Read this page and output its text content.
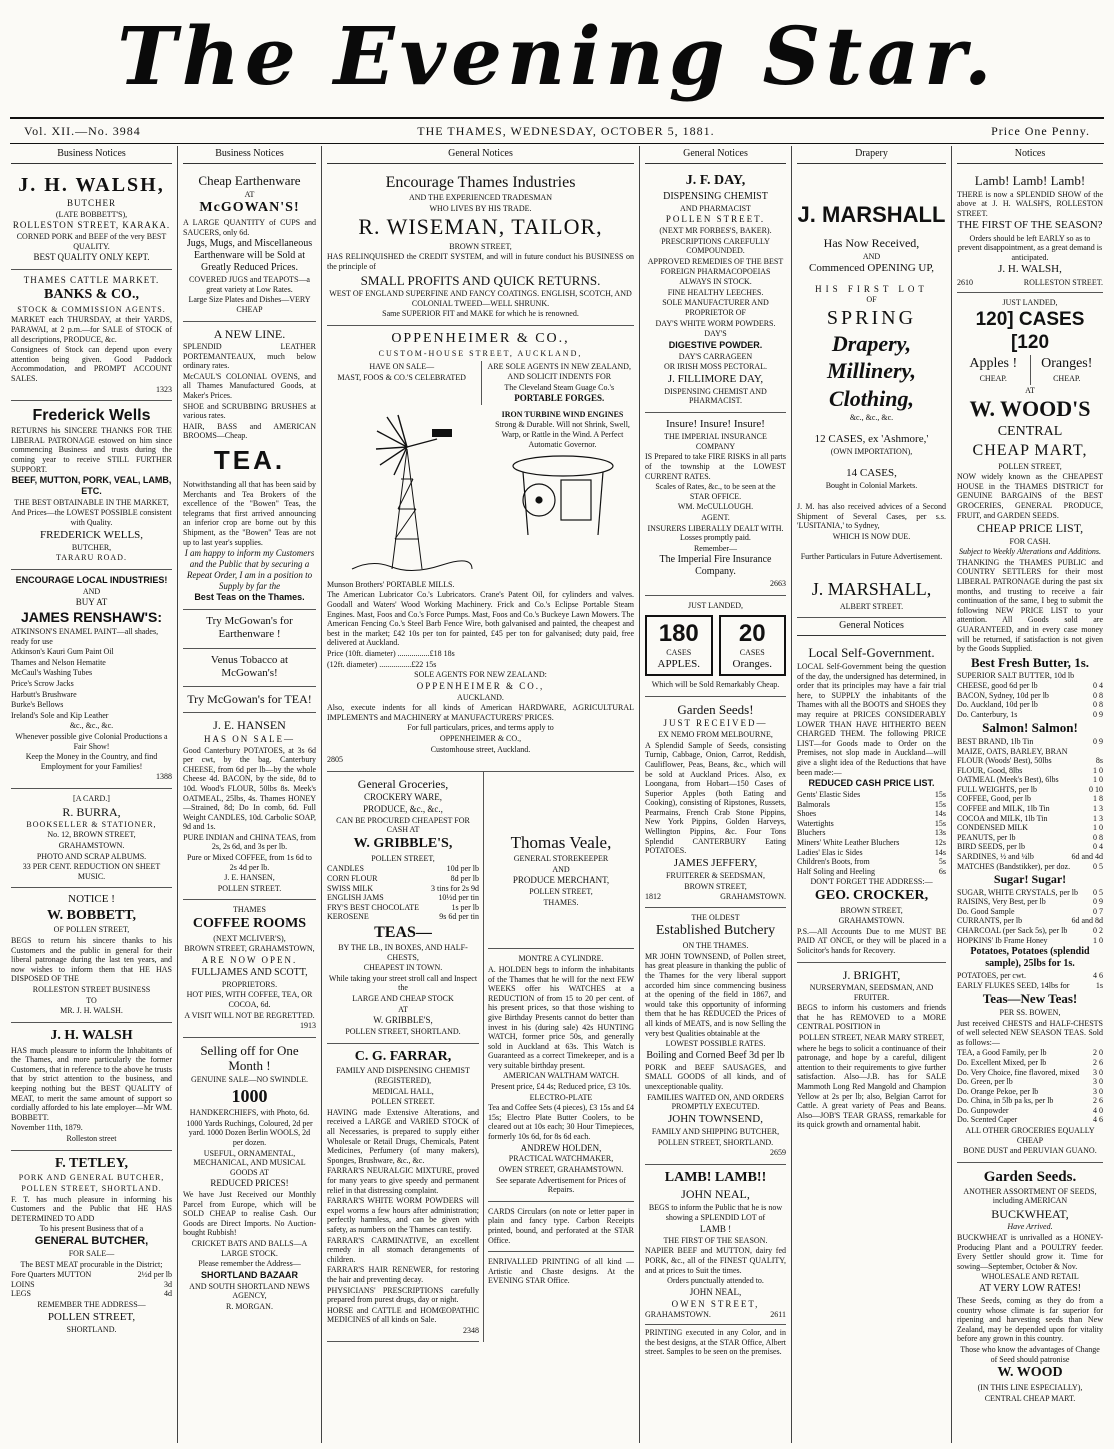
The Evening Star.
Vol. XII.—No. 3984	THE THAMES, WEDNESDAY, OCTOBER 5, 1881.	Price One Penny.
Business Notices

J. H. WALSH,

BUTCHER

(LATE BOBBETT'S),

ROLLESTON STREET, KARAKA.

CORNED PORK and BEEF of the very BEST QUALITY.

BEST QUALITY ONLY KEPT.

THAMES CATTLE MARKET.

BANKS & CO.,

STOCK & COMMISSION AGENTS.

MARKET each THURSDAY, at their YARDS, PARAWAI, at 2 p.m.—for SALE of STOCK of all descriptions, PRODUCE, &c.

Consignees of Stock can depend upon every attention being given. Good Paddock Accommodation, and PROMPT ACCOUNT SALES.

1323

Frederick Wells

RETURNS his SINCERE THANKS FOR THE LIBERAL PATRONAGE estowed on him since commencing Business and trusts during the coming year to receive STILL FURTHER SUPPORT.

BEEF, MUTTON, PORK, VEAL, LAMB, ETC.

THE BEST OBTAINABLE IN THE MARKET,

And Prices—the LOWEST POSSIBLE consistent with Quality.

FREDERICK WELLS,

BUTCHER,

TARARU ROAD.

ENCOURAGE LOCAL INDUSTRIES!

AND

BUY AT

JAMES RENSHAW'S:

ATKINSON'S ENAMEL PAINT—all shades, ready for use

Atkinson's Kauri Gum Paint Oil

Thames and Nelson Hematite

McCaul's Washing Tubes

Price's Scrow Jacks

Harbutt's Brushware

Burke's Bellows

Ireland's Sole and Kip Leather

&c., &c., &c.

Whenever possible give Colonial Productions a Fair Show!

Keep the Money in the Country, and find Employment for your Families!

1388

[A CARD.]

R. BURRA,

BOOKSELLER & STATIONER,

No. 12, BROWN STREET,

GRAHAMSTOWN.

PHOTO AND SCRAP ALBUMS.

33 PER CENT. REDUCTION ON SHEET MUSIC.

NOTICE !

W. BOBBETT,

OF POLLEN STREET,

BEGS to return his sincere thanks to his Customers and the public in general for their liberal patronage during the last ten years, and now wishes to inform them that HE HAS DISPOSED OF THE

ROLLESTON STREET BUSINESS

TO

MR. J. H. WALSH.

J. H. WALSH

HAS much pleasure to inform the Inhabitants of the Thames, and more particularly the former Customers, that in reference to the above he trusts that by strict attention to the business, and keeping nothing but the BEST QUALITY of MEAT, to merit the same amount of support so cordially afforded to his late employer—Mr WM. BOBBETT.

November 11th, 1879.

Rolleston street

F. TETLEY,

PORK AND GENERAL BUTCHER,

POLLEN STREET, SHORTLAND.

F. T. has much pleasure in informing his Customers and the Public that HE HAS DETERMINED TO ADD

To his present Business that of a

GENERAL BUTCHER,

FOR SALE—

The BEST MEAT procurable in the District;

Fore Quarters MUTTON	2½d per lb
LOINS	3d
LEGS	4d

REMEMBER THE ADDRESS—

POLLEN STREET,

SHORTLAND.

Business Notices

Cheap Earthenware

AT

McGOWAN'S!

A LARGE QUANTITY of CUPS and SAUCERS, only 6d.

Jugs, Mugs, and Miscellaneous Earthenware will be Sold at Greatly Reduced Prices.

COVERED JUGS and TEAPOTS—a great variety at Low Rates.

Large Size Plates and Dishes—VERY CHEAP

A NEW LINE.

SPLENDID LEATHER PORTEMANTEAUX, much below ordinary rates.

McCAUL'S COLONIAL OVENS, and all Thames Manufactured Goods, at Maker's Prices.

SHOE and SCRUBBING BRUSHES at various rates.

HAIR, BASS and AMERICAN BROOMS—Cheap.

TEA.

Notwithstanding all that has been said by Merchants and Tea Brokers of the excellence of the "Bowen" Teas, the telegrams that first arrived announcing an inferior crop are borne out by this Shipment, as the "Bowen" Teas are not up to last year's supplies.

I am happy to inform my Customers and the Public that by securing a Repeat Order, I am in a position to Supply by far the

Best Teas on the Thames.

Try McGowan's for Earthenware !

Venus Tobacco at McGowan's!

Try McGowan's for TEA!

J. E. HANSEN

HAS ON SALE—

Good Canterbury POTATOES, at 3s 6d per cwt, by the bag. Canterbury CHEESE, from 6d per lb—by the whole Cheese 4d. BACON, by the side, 8d to 10d. Wood's FLOUR, 50lbs 8s. Meek's OATMEAL, 25lbs, 4s. Thames HONEY—Strained, 8d; Do In comb, 6d. Full Weight CANDLES, 10d. Carbolic SOAP, 9d and 1s.

PURE INDIAN and CHINA TEAS, from 2s, 2s 6d, and 3s per lb.

Pure or Mixed COFFEE, from 1s 6d to 2s 4d per lb.

J. E. HANSEN,

POLLEN STREET.

THAMES

COFFEE ROOMS

(NEXT MCLIVER'S),

BROWN STREET, GRAHAMSTOWN,

ARE NOW OPEN.

FULLJAMES AND SCOTT,

PROPRIETORS.

HOT PIES, WITH COFFEE, TEA, OR COCOA, 6d.

A VISIT WILL NOT BE REGRETTED.

1913

Selling off for One Month !

GENUINE SALE—NO SWINDLE.

1000

HANDKERCHIEFS, with Photo, 6d.

1000 Yards Ruchings, Coloured, 2d per yard. 1000 Dozen Berlin WOOLS, 2d per dozen.

USEFUL, ORNAMENTAL, MECHANICAL, AND MUSICAL GOODS AT

REDUCED PRICES!

We have Just Received our Monthly Parcel from Europe, which will be SOLD CHEAP to realise Cash. Our Goods are Direct Imports. No Auction-bought Rubbish!

CRICKET BATS AND BALLS—A LARGE STOCK.

Please remember the Address—

SHORTLAND BAZAAR

AND SOUTH SHORTLAND NEWS AGENCY,

R. MORGAN.

General Notices

Encourage Thames Industries

AND THE EXPERIENCED TRADESMAN

WHO LIVES BY HIS TRADE.

R. WISEMAN, TAILOR,

BROWN STREET,

HAS RELINQUISHED the CREDIT SYSTEM, and will in future conduct his BUSINESS on the principle of

SMALL PROFITS AND QUICK RETURNS.

WEST OF ENGLAND SUPERFINE AND FANCY COATINGS. ENGLISH, SCOTCH, AND COLONIAL TWEED—WELL SHRUNK.

Same SUPERIOR FIT and MAKE for which he is renowned.

OPPENHEIMER & CO.,

CUSTOM-HOUSE STREET, AUCKLAND,

HAVE ON SALE—

MAST, FOOS & CO.'S CELEBRATED

ARE SOLE AGENTS IN NEW ZEALAND, AND SOLICIT INDENTS FOR

The Cleveland Steam Guage Co.'s

PORTABLE FORGES.

IRON TURBINE WIND ENGINES

Strong & Durable. Will not Shrink, Swell, Warp, or Rattle in the Wind. A Perfect Automatic Governor.

Munson Brothers' PORTABLE MILLS.

The American Lubricator Co.'s Lubricators. Crane's Patent Oil, for cylinders and valves. Goodall and Waters' Wood Working Machinery. Frick and Co.'s Eclipse Portable Steam Engines. Mast, Foos and Co.'s Force Pumps. Mast, Foos and Co.'s Buckeye Lawn Mowers. The American Fencing Co.'s Steel Barb Fence Wire, both galvanised and painted, the cheapest and best in the market; £42 10s per ton for painted, £45 per ton for galvanised; duty paid, free delivered at Auckland.

Price (10ft. diameter) ................£18 18s

(12ft. diameter) ................£22 15s

SOLE AGENTS FOR NEW ZEALAND:

OPPENHEIMER & CO.,

AUCKLAND.

Also, execute indents for all kinds of American HARDWARE, AGRICULTURAL IMPLEMENTS and MACHINERY at MANUFACTURERS' PRICES.

For full particulars, prices, and terms apply to

OPPENHEIMER & CO.,

Customhouse street, Auckland.

2805

General Groceries,

CROCKERY WARE,

PRODUCE, &c., &c.,

CAN BE PROCURED CHEAPEST FOR CASH AT

W. GRIBBLE'S,

POLLEN STREET,

CANDLES	10d per lb
CORN FLOUR	8d per lb
SWISS MILK	3 tins for 2s 9d
ENGLISH JAMS	10½d per tin
FRY'S BEST CHOCOLATE	1s per lb
KEROSENE	9s 6d per tin

TEAS—

BY THE LB., IN BOXES, AND HALF-CHESTS,

CHEAPEST IN TOWN.

While taking your street stroll call and Inspect the

LARGE AND CHEAP STOCK

AT

W. GRIBBLE'S,

POLLEN STREET, SHORTLAND.

C. G. FARRAR,

FAMILY AND DISPENSING CHEMIST (REGISTERED),

MEDICAL HALL,

POLLEN STREET.

HAVING made Extensive Alterations, and received a LARGE and VARIED STOCK of all Necessaries, is prepared to supply either Wholesale or Retail Drugs, Chemicals, Patent Medicines, Perfumery (of many makers), Sponges, Brushware, &c., &c.

FARRAR'S NEURALGIC MIXTURE, proved for many years to give speedy and permanent relief in that distressing complaint.

FARRAR'S WHITE WORM POWDERS will expel worms a few hours after administration; perfectly harmless, and can be given with safety, as numbers on the Thames can testify.

FARRAR'S CARMINATIVE, an excellent remedy in all stomach derangements of children.

FARRAR'S HAIR RENEWER, for restoring the hair and preventing decay.

PHYSICIANS' PRESCRIPTIONS carefully prepared from purest drugs, day or night.

HORSE and CATTLE and HOMŒOPATHIC MEDICINES of all kinds on Sale.

2348

Thomas Veale,

GENERAL STOREKEEPER

AND

PRODUCE MERCHANT,

POLLEN STREET,

THAMES.

MONTRE A CYLINDRE.

A. HOLDEN begs to inform the inhabitants of the Thames that he will for the next FEW WEEKS offer his WATCHES at a REDUCTION of from 15 to 20 per cent. of his present prices, so that those wishing to give Birthday Presents cannot do better than invest in his (during sale) 42s HUNTING WATCH, former price 50s, and generally sold in Auckland at 63s. This Watch is Guaranteed as a correct Timekeeper, and is a very suitable birthday present.

AMERICAN WALTHAM WATCH.

Present price, £4 4s; Reduced price, £3 10s.

ELECTRO-PLATE

Tea and Coffee Sets (4 pieces), £3 15s and £4 15s; Electro Plate Butter Coolers, to be cleared out at 10s each; 30 Hour Timepieces, formerly 10s 6d, for 8s 6d each.

ANDREW HOLDEN,

PRACTICAL WATCHMAKER,

OWEN STREET, GRAHAMSTOWN.

See separate Advertisement for Prices of Repairs.

CARDS Circulars (on note or letter paper in plain and fancy type. Carbon Receipts printed, bound, and perforated at the STAR Office.

ENRIVALLED PRINTING of all kind —Artistic and Chaste designs. At the EVENING STAR Office.

General Notices

J. F. DAY,

DISPENSING CHEMIST

AND PHARMACIST

POLLEN STREET.

(NEXT MR FORBES'S, BAKER).

PRESCRIPTIONS CAREFULLY COMPOUNDED.

APPROVED REMEDIES OF THE BEST FOREIGN PHARMACOPOEIAS

ALWAYS IN STOCK.

FINE HEALTHY LEECHES.

SOLE MANUFACTURER AND PROPRIETOR OF

DAY'S WHITE WORM POWDERS.

DAY'S

DIGESTIVE POWDER.

DAY'S CARRAGEEN

OR IRISH MOSS PECTORAL.

J. FILLIMORE DAY,

DISPENSING CHEMIST AND PHARMACIST.

Insure! Insure! Insure!

THE IMPERIAL INSURANCE COMPANY

IS Prepared to take FIRE RISKS in all parts of the township at the LOWEST CURRENT RATES.

Scales of Rates, &c., to be seen at the STAR OFFICE.

WM. McCULLOUGH.

AGENT.

INSURERS LIBERALLY DEALT WITH. Losses promptly paid.

Remember—

The Imperial Fire Insurance Company.

2663

JUST LANDED,

180
CASES
APPLES.
20
CASES
Oranges.

Which will be Sold Remarkably Cheap.

Garden Seeds!

JUST RECEIVED—

EX NEMO FROM MELBOURNE,

A Splendid Sample of Seeds, consisting Turnip, Cabbage, Onion, Carrot, Reddish, Cauliflower, Peas, Beans, &c., which will be sold at Auckland Prices. Also, ex Loongana, from Hobart—150 Cases of Superior Apples (both Eating and Cooking), consisting of Ripstones, Russets, Pearmains, French Crab Stone Pippins, New York Pippins, Golden Harveys, Wellington Pippins, &c. Four Tons Splendid CANTERBURY Eating POTATOES.

JAMES JEFFERY,

FRUITERER & SEEDSMAN,

BROWN STREET,

1812	GRAHAMSTOWN.

THE OLDEST

Established Butchery

ON THE THAMES.

MR JOHN TOWNSEND, of Pollen street, has great pleasure in thanking the public of the Thames for the very liberal support accorded him since commencing business at the opening of the field in 1867, and would take this opportunity of informing them that he has REDUCED the Prices of all kinds of MEATS, and is now Selling the very best Qualities obtainable at the

LOWEST POSSIBLE RATES.

Boiling and Corned Beef 3d per lb

PORK and BEEF SAUSAGES, and SMALL GOODS of all kinds, and of unexceptionable quality.

FAMILIES WAITED ON, AND ORDERS PROMPTLY EXECUTED.

JOHN TOWNSEND,

FAMILY AND SHIPPING BUTCHER,

POLLEN STREET, SHORTLAND.

2659

LAMB! LAMB!!

JOHN NEAL,

BEGS to inform the Public that he is now

showing a SPLENDID LOT of

LAMB !

THE FIRST OF THE SEASON.

NAPIER BEEF and MUTTON, dairy fed PORK, &c., all of the FINEST QUALITY, and at prices to Suit the times.

Orders punctually attended to.

JOHN NEAL,

OWEN STREET,

GRAHAMSTOWN.	2611

PRINTING executed in any Color, and in the best designs, at the STAR Office, Albert street. Samples to be seen on the premises.

Drapery

J. MARSHALL

Has Now Received,

AND

Commenced OPENING UP,

HIS FIRST LOT

OF

SPRING

Drapery,

Millinery,

Clothing,

&c., &c., &c.

12 CASES, ex 'Ashmore,'

(OWN IMPORTATION),

14 CASES,

Bought in Colonial Markets.

J. M. has also received advices of a Second Shipment of Several Cases, per s.s. 'LUSITANIA,' to Sydney,

WHICH IS NOW DUE.

Further Particulars in Future Advertisement.

J. MARSHALL,

ALBERT STREET.

General Notices

Local Self-Government.

LOCAL Self-Government being the question of the day, the undersigned has determined, in order that its principles may have a fair trial here, to SUPPLY the inhabitants of the Thames with all the BOOTS and SHOES they may require at PRICES CONSIDERABLY LOWER THAN HAVE HITHERTO BEEN CHARGED THEM. The following PRICE LIST—for Goods made to Order on the Premises, not slop made in Auckland—will give a slight idea of the Reductions that have been made:—

REDUCED CASH PRICE LIST.

Gents' Elastic Sides	15s
Balmorals	15s
Shoes	14s
Watertights	15s
Bluchers	13s
Miners' White Leather Bluchers	12s
Ladies' Elas ic Sides	14s
Children's Boots, from	5s
Half Soling and Heeling	6s

DON'T FORGET THE ADDRESS:—

GEO. CROCKER,

BROWN STREET,

GRAHAMSTOWN.

P.S.—All Accounts Due to me MUST BE PAID AT ONCE, or they will be placed in a Solicitor's hands for Recovery.

J. BRIGHT,

NURSERYMAN, SEEDSMAN, AND FRUITER.

BEGS to inform his customers and friends that he has REMOVED to a MORE CENTRAL POSITION in

POLLEN STREET, NEAR MARY STREET,

where he begs to solicit a continuance of their patronage, and hope by a careful, diligent attention to their requirements to give further satisfaction. Also—J.B. has for SALE Mammoth Long Red Mangold and Champion Yellow at 2s per lb; also, Belgian Carrot for Cattle. A great variety of Peas and Beans. Also—JOB'S TEAR GRASS, remarkable for its quick growth and ornamental habit.

Notices

Lamb! Lamb! Lamb!

THERE is now a SPLENDID SHOW of the above at J. H. WALSH'S, ROLLESTON STREET.

THE FIRST OF THE SEASON?

Orders should be left EARLY so as to prevent disappointment, as a great demand is anticipated.

J. H. WALSH,

2610	ROLLESTON STREET.

JUST LANDED,

120] CASES [120

Apples !

CHEAP.

Oranges!

CHEAP.

AT

W. WOOD'S

CENTRAL

CHEAP MART,

POLLEN STREET,

NOW widely known as the CHEAPEST HOUSE in the THAMES DISTRICT for GENUINE BARGAINS of the BEST GROCERIES, GENERAL PRODUCE, FRUIT, and GARDEN SEEDS.

CHEAP PRICE LIST,

FOR CASH.

Subject to Weekly Alterations and Additions.

THANKING the THAMES PUBLIC and COUNTRY SETTLERS for their most LIBERAL PATRONAGE during the past six months, and trusting to receive a fair continuation of the same, I beg to submit the following NEW PRICE LIST to your attention. All Goods sold are GUARANTEED, and in every case money will be returned, if satisfaction is not given by the Goods Supplied.

Best Fresh Butter, 1s.

SUPERIOR SALT BUTTER, 10d lb
CHEESE, good 6d per lb	0 4
BACON, Sydney, 10d per lb	0 8
Do. Auckland, 10d per lb	0 8
Do. Canterbury, 1s	0 9

Salmon! Salmon!

BEST BRAND, 1lb Tin	0 9
MAIZE, OATS, BARLEY, BRAN
FLOUR (Woods' Best), 50lbs	8s
FLOUR, Good, 8lbs	1 0
OATMEAL (Meek's Best), 6lbs	1 0
FULL WEIGHTS, per lb	0 10
COFFEE, Good, per lb	1 8
COFFEE and MILK, 1lb Tin	1 3
COCOA and MILK, 1lb Tin	1 3
CONDENSED MILK	1 0
PEANUTS, per lb	0 8
BIRD SEEDS, per lb	0 4
SARDINES, ½ and ¼lb	6d and 4d
MATCHES (Bandstikker), per doz.	0 5

Sugar! Sugar!

SUGAR, WHITE CRYSTALS, per lb 0 5
RAISINS, Very Best, per lb	0 9
Do. Good Sample	0 7
CURRANTS, per lb	6d and 8d
CHARCOAL (per Sack 5s), per lb	0 2
HOPKINS' Ib Frame Honey	1 0

Potatoes, Potatoes (splendid sample), 25lbs for 1s.

POTATOES, per cwt.	4 6
EARLY FLUKES SEED, 14lbs for	1s

Teas—New Teas!

PER SS. BOWEN,

Just received CHESTS and HALF-CHESTS of well selected NEW SEASON TEAS. Sold as follows:—

TEA, a Good Family, per lb	2 0
Do. Excellent Mixed, per lb	2 6
Do. Very Choice, fine flavored, mixed 3 0
Do. Green, per lb	3 0
Do. Orange Pekoe, per lb	3 0
Do. China, in 5lb pa ks, per lb	2 6
Do. Gunpowder	4 0
Do. Scented Caper	4 6

ALL OTHER GROCERIES EQUALLY CHEAP

BONE DUST and PERUVIAN GUANO.

Garden Seeds.

ANOTHER ASSORTMENT OF SEEDS, including AMERICAN

BUCKWHEAT,

Have Arrived.

BUCKWHEAT is unrivalled as a HONEY-Producing Plant and a POULTRY feeder. Every Settler should grow it. Time for sowing—September, October & Nov.

WHOLESALE AND RETAIL

AT VERY LOW RATES!

These Seeds, coming as they do from a country whose climate is far superior for ripening and harvesting seeds than New Zealand, may be depended upon for vitality before any grown in this country.

Those who know the advantages of Change of Seed should patronise

W. WOOD

(IN THIS LINE ESPECIALLY),

CENTRAL CHEAP MART.
